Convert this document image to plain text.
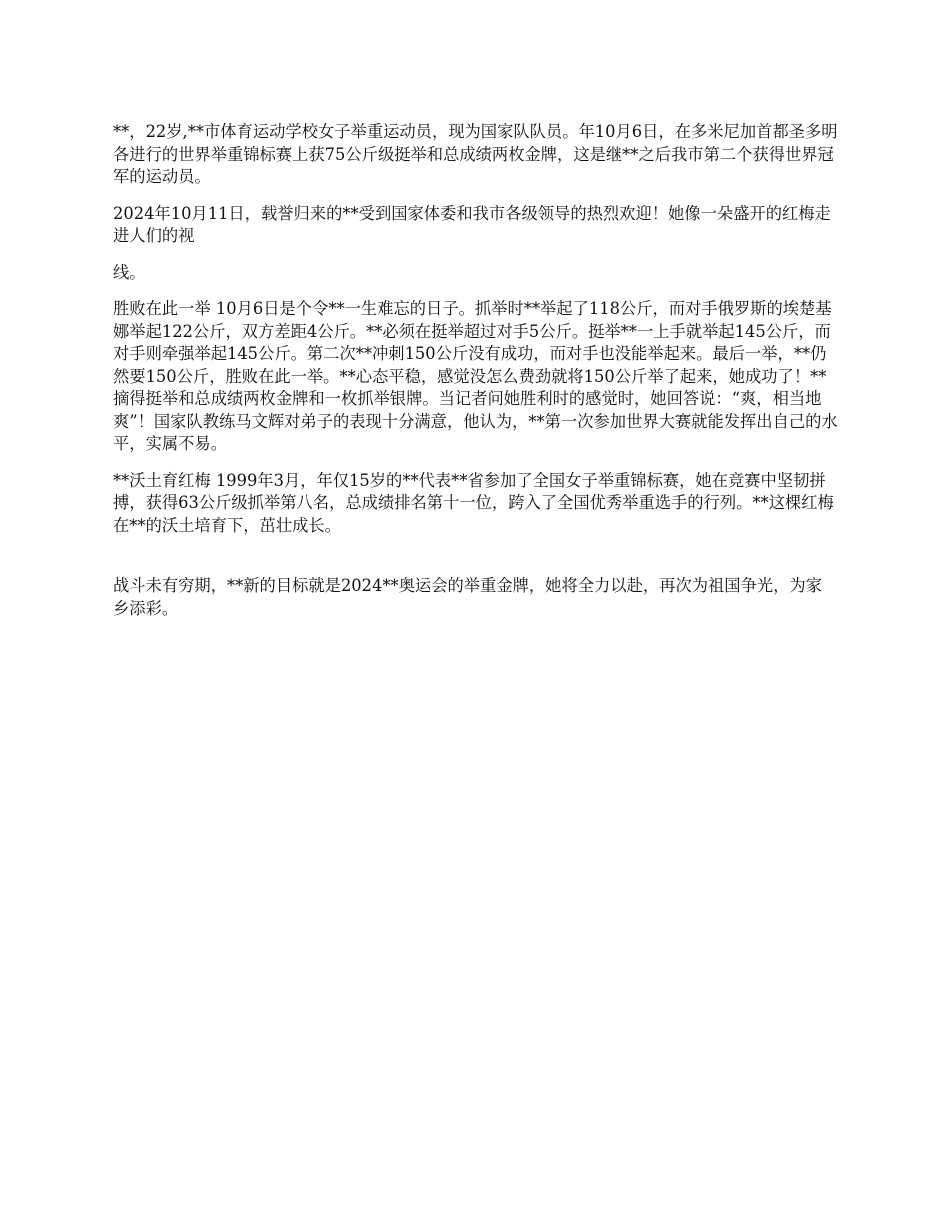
**，22岁,**市体育运动学校女子举重运动员，现为国家队队员。年10月6日，在多米尼加首都圣多明各进行的世界举重锦标赛上获75公斤级挺举和总成绩两枚金牌，这是继**之后我市第二个获得世界冠军的运动员。

2024年10月11日，载誉归来的**受到国家体委和我市各级领导的热烈欢迎！她像一朵盛开的红梅走进人们的视

线。

胜败在此一举 10月6日是个令**一生难忘的日子。抓举时**举起了118公斤，而对手俄罗斯的埃楚基娜举起122公斤，双方差距4公斤。**必须在挺举超过对手5公斤。挺举**一上手就举起145公斤，而对手则牵强举起145公斤。第二次**冲刺150公斤没有成功，而对手也没能举起来。最后一举，**仍然要150公斤，胜败在此一举。**心态平稳，感觉没怎么费劲就将150公斤举了起来，她成功了！**摘得挺举和总成绩两枚金牌和一枚抓举银牌。当记者问她胜利时的感觉时，她回答说：“爽，相当地爽”！国家队教练马文辉对弟子的表现十分满意，他认为，**第一次参加世界大赛就能发挥出自己的水平，实属不易。

**沃土育红梅 1999年3月，年仅15岁的**代表**省参加了全国女子举重锦标赛，她在竞赛中坚韧拼搏，获得63公斤级抓举第八名，总成绩排名第十一位，跨入了全国优秀举重选手的行列。**这棵红梅在**的沃土培育下，茁壮成长。

战斗未有穷期，**新的目标就是2024**奥运会的举重金牌，她将全力以赴，再次为祖国争光，为家乡添彩。
